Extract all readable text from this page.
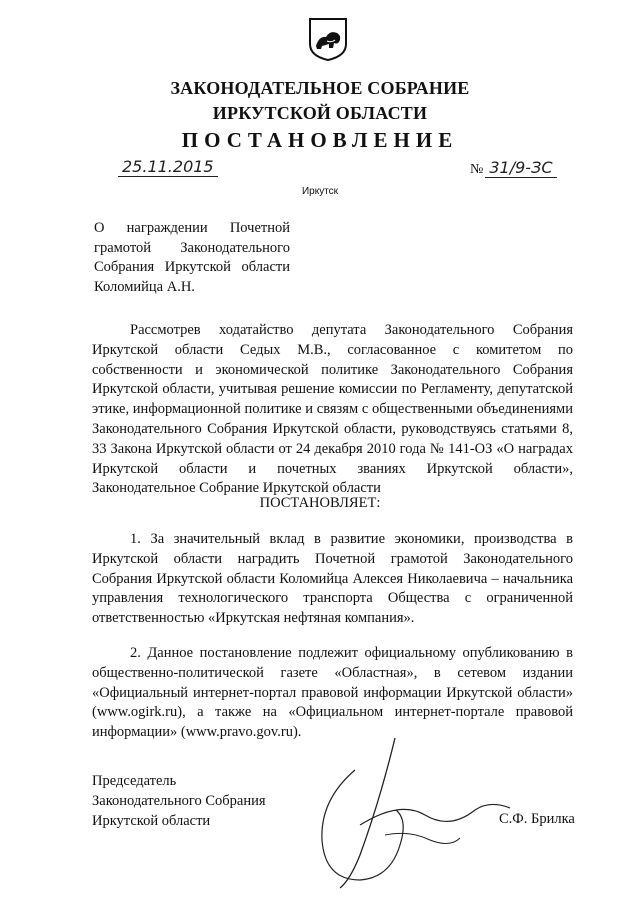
ЗАКОНОДАТЕЛЬНОЕ СОБРАНИЕ
ИРКУТСКОЙ ОБЛАСТИ
ПОСТАНОВЛЕНИЕ
25.11.2015	№ 31/9-ЗС
Иркутск
О награждении Почетной грамотой Законодательного Собрания Иркутской области Коломийца А.Н.
Рассмотрев ходатайство депутата Законодательного Собрания Иркутской области Седых М.В., согласованное с комитетом по собственности и экономической политике Законодательного Собрания Иркутской области, учитывая решение комиссии по Регламенту, депутатской этике, информационной политике и связям с общественными объединениями Законодательного Собрания Иркутской области, руководствуясь статьями 8, 33 Закона Иркутской области от 24 декабря 2010 года № 141-ОЗ «О наградах Иркутской области и почетных званиях Иркутской области», Законодательное Собрание Иркутской области
ПОСТАНОВЛЯЕТ:
1. За значительный вклад в развитие экономики, производства в Иркутской области наградить Почетной грамотой Законодательного Собрания Иркутской области Коломийца Алексея Николаевича – начальника управления технологического транспорта Общества с ограниченной ответственностью «Иркутская нефтяная компания».
2. Данное постановление подлежит официальному опубликованию в общественно-политической газете «Областная», в сетевом издании «Официальный интернет-портал правовой информации Иркутской области» (www.ogirk.ru), а также на «Официальном интернет-портале правовой информации» (www.pravo.gov.ru).
Председатель
Законодательного Собрания
Иркутской области	С.Ф. Брилка
